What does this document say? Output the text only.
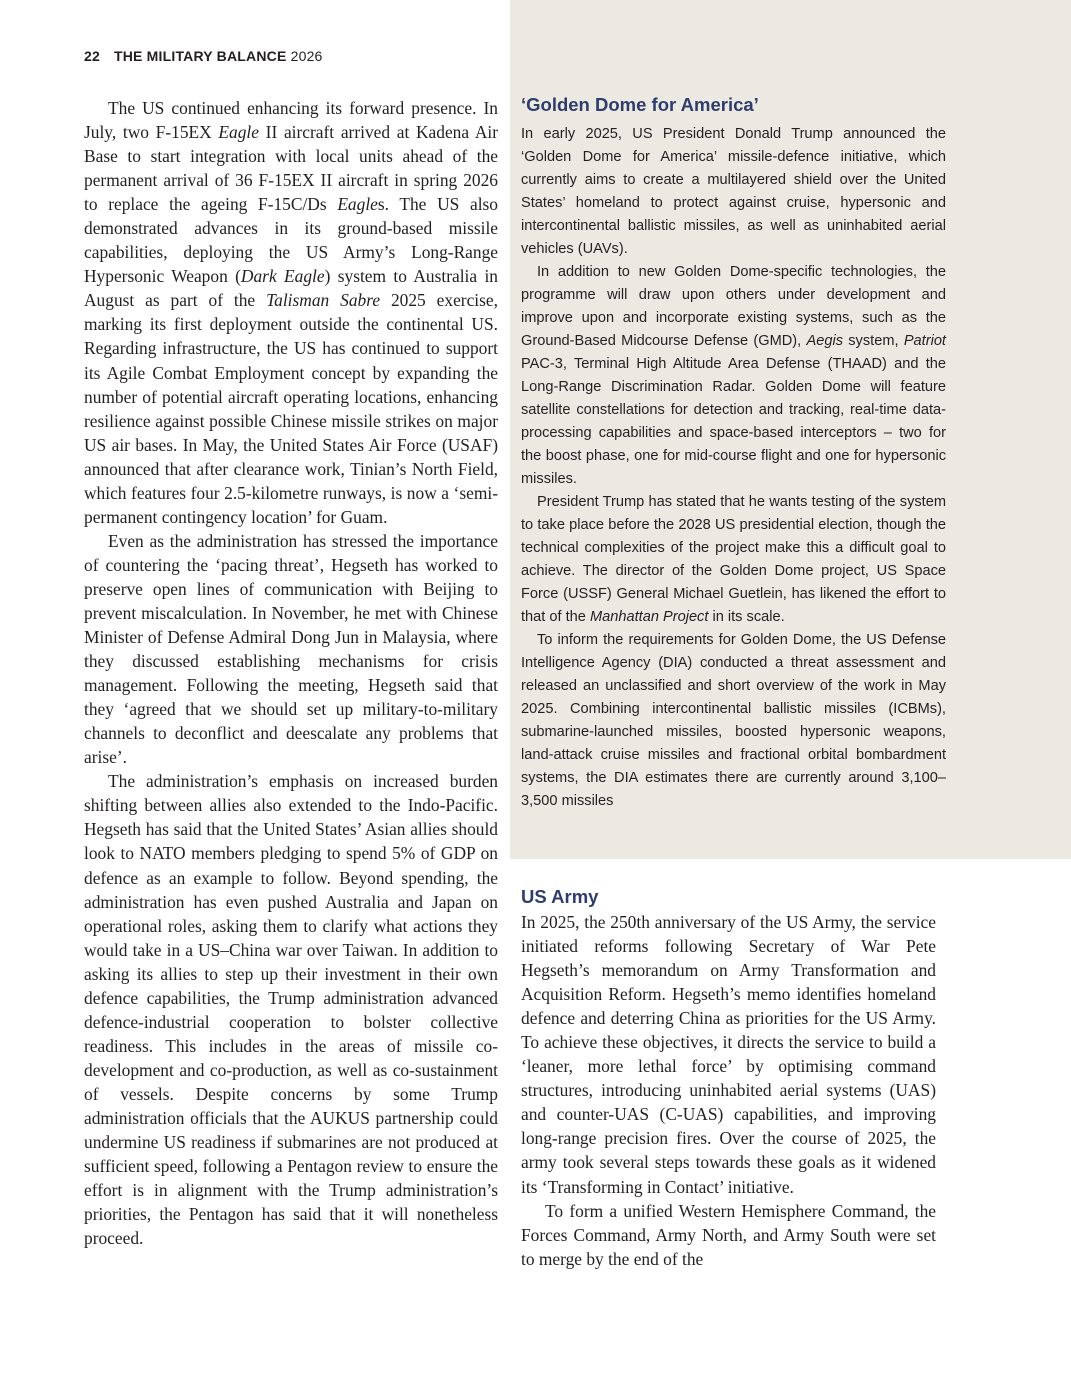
22 THE MILITARY BALANCE 2026

The US continued enhancing its forward presence. In July, two F-15EX Eagle II aircraft arrived at Kadena Air Base to start integration with local units ahead of the permanent arrival of 36 F-15EX II aircraft in spring 2026 to replace the ageing F-15C/Ds Eagles. The US also demonstrated advances in its ground-based missile capabilities, deploying the US Army’s Long-Range Hypersonic Weapon (Dark Eagle) system to Australia in August as part of the Talisman Sabre 2025 exercise, marking its first deployment outside the continental US. Regarding infrastructure, the US has continued to support its Agile Combat Employment concept by expanding the number of potential aircraft operating locations, enhancing resilience against possible Chinese missile strikes on major US air bases. In May, the United States Air Force (USAF) announced that after clearance work, Tinian’s North Field, which features four 2.5-kilometre runways, is now a ‘semi-permanent contingency location’ for Guam.

Even as the administration has stressed the importance of countering the ‘pacing threat’, Hegseth has worked to preserve open lines of communication with Beijing to prevent miscalculation. In November, he met with Chinese Minister of Defense Admiral Dong Jun in Malaysia, where they discussed establishing mechanisms for crisis management. Following the meeting, Hegseth said that they ‘agreed that we should set up military-to-military channels to deconflict and deescalate any problems that arise’.

The administration’s emphasis on increased burden shifting between allies also extended to the Indo-Pacific. Hegseth has said that the United States’ Asian allies should look to NATO members pledging to spend 5% of GDP on defence as an example to follow. Beyond spending, the administration has even pushed Australia and Japan on operational roles, asking them to clarify what actions they would take in a US–China war over Taiwan. In addition to asking its allies to step up their investment in their own defence capabilities, the Trump administration advanced defence-industrial cooperation to bolster collective readiness. This includes in the areas of missile co-development and co-production, as well as co-sustainment of vessels. Despite concerns by some Trump administration officials that the AUKUS partnership could undermine US readiness if submarines are not produced at sufficient speed, following a Pentagon review to ensure the effort is in alignment with the Trump administration’s priorities, the Pentagon has said that it will nonetheless proceed.

‘Golden Dome for America’

In early 2025, US President Donald Trump announced the ‘Golden Dome for America’ missile-defence initiative, which currently aims to create a multilayered shield over the United States’ homeland to protect against cruise, hypersonic and intercontinental ballistic missiles, as well as uninhabited aerial vehicles (UAVs).

In addition to new Golden Dome-specific technologies, the programme will draw upon others under development and improve upon and incorporate existing systems, such as the Ground-Based Midcourse Defense (GMD), Aegis system, Patriot PAC-3, Terminal High Altitude Area Defense (THAAD) and the Long-Range Discrimination Radar. Golden Dome will feature satellite constellations for detection and tracking, real-time data-processing capabilities and space-based interceptors – two for the boost phase, one for mid-course flight and one for hypersonic missiles.

President Trump has stated that he wants testing of the system to take place before the 2028 US presidential election, though the technical complexities of the project make this a difficult goal to achieve. The director of the Golden Dome project, US Space Force (USSF) General Michael Guetlein, has likened the effort to that of the Manhattan Project in its scale.

To inform the requirements for Golden Dome, the US Defense Intelligence Agency (DIA) conducted a threat assessment and released an unclassified and short overview of the work in May 2025. Combining intercontinental ballistic missiles (ICBMs), submarine-launched missiles, boosted hypersonic weapons, land-attack cruise missiles and fractional orbital bombardment systems, the DIA estimates there are currently around 3,100–3,500 missiles

US Army

In 2025, the 250th anniversary of the US Army, the service initiated reforms following Secretary of War Pete Hegseth’s memorandum on Army Transformation and Acquisition Reform. Hegseth’s memo identifies homeland defence and deterring China as priorities for the US Army. To achieve these objectives, it directs the service to build a ‘leaner, more lethal force’ by optimising command structures, introducing uninhabited aerial systems (UAS) and counter-UAS (C-UAS) capabilities, and improving long-range precision fires. Over the course of 2025, the army took several steps towards these goals as it widened its ‘Transforming in Contact’ initiative.

To form a unified Western Hemisphere Command, the Forces Command, Army North, and Army South were set to merge by the end of the
